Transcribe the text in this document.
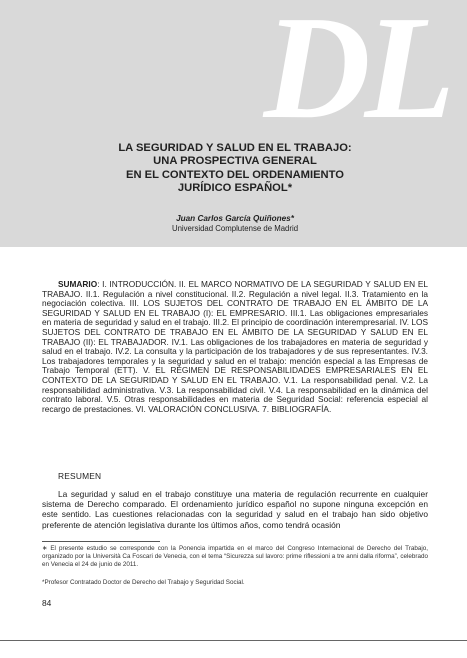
DL
LA SEGURIDAD Y SALUD EN EL TRABAJO:
UNA PROSPECTIVA GENERAL
EN EL CONTEXTO DEL ORDENAMIENTO
JURÍDICO ESPAÑOL*
Juan Carlos García Quiñones*
Universidad Complutense de Madrid
SUMARIO: I. INTRODUCCIÓN. II. EL MARCO NORMATIVO DE LA SEGURIDAD Y SALUD EN EL TRABAJO. II.1. Regulación a nivel constitucional. II.2. Regulación a nivel legal. II.3. Tratamiento en la negociación colectiva. III. LOS SUJETOS DEL CONTRATO DE TRABAJO EN EL ÁMBITO DE LA SEGURIDAD Y SALUD EN EL TRABAJO (I): EL EMPRESARIO. III.1. Las obligaciones empresariales en materia de seguridad y salud en el trabajo. III.2. El principio de coordinación interempresarial. IV. LOS SUJETOS DEL CONTRATO DE TRABAJO EN EL ÁMBITO DE LA SEGURIDAD Y SALUD EN EL TRABAJO (II): EL TRABAJADOR. IV.1. Las obligaciones de los trabajadores en materia de seguridad y salud en el trabajo. IV.2. La consulta y la participación de los trabajadores y de sus representantes. IV.3. Los trabajadores temporales y la seguridad y salud en el trabajo: mención especial a las Empresas de Trabajo Temporal (ETT). V. EL RÉGIMEN DE RESPONSABILIDADES EMPRESARIALES EN EL CONTEXTO DE LA SEGURIDAD Y SALUD EN EL TRABAJO. V.1. La responsabilidad penal. V.2. La responsabilidad administrativa. V.3. La responsabilidad civil. V.4. La responsabilidad en la dinámica del contrato laboral. V.5. Otras responsabilidades en materia de Seguridad Social: referencia especial al recargo de prestaciones. VI. VALORACIÓN CONCLUSIVA. 7. BIBLIOGRAFÍA.
RESUMEN
La seguridad y salud en el trabajo constituye una materia de regulación recurrente en cualquier sistema de Derecho comparado. El ordenamiento jurídico español no supone ninguna excepción en este sentido. Las cuestiones relacionadas con la seguridad y salud en el trabajo han sido objetivo preferente de atención legislativa durante los últimos años, como tendrá ocasión
∗ El presente estudio se corresponde con la Ponencia impartida en el marco del Congreso Internacional de Derecho del Trabajo, organizado por la Università Ca Foscari de Venecia, con el tema “Sicurezza sul lavoro: prime riflessioni a tre anni dalla riforma”, celebrado en Venecia el 24 de junio de 2011.
*Profesor Contratado Doctor de Derecho del Trabajo y Seguridad Social.
84
